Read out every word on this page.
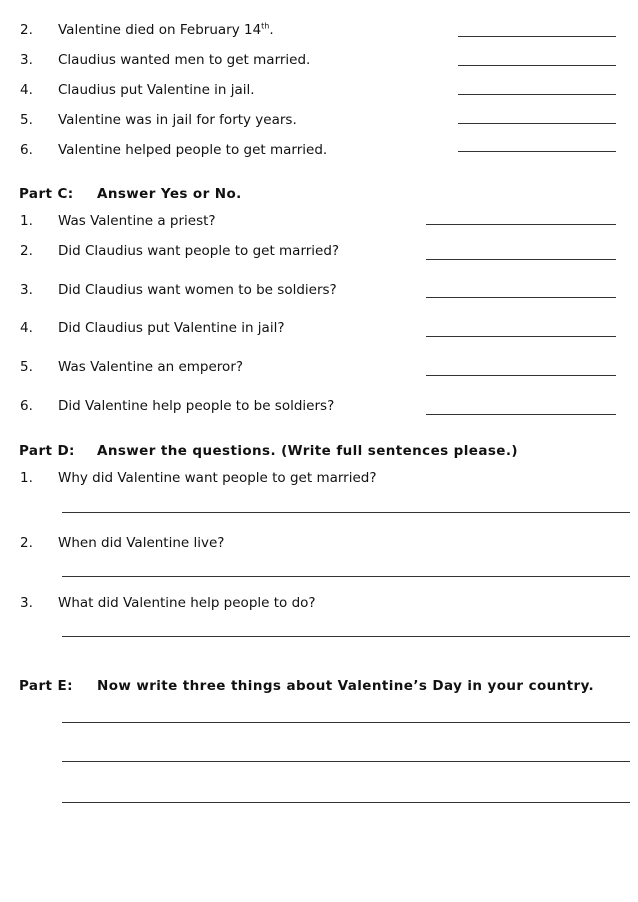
2. Valentine died on February 14th.
3. Claudius wanted men to get married.
4. Claudius put Valentine in jail.
5. Valentine was in jail for forty years.
6. Valentine helped people to get married.
Part C: Answer Yes or No.
1. Was Valentine a priest?
2. Did Claudius want people to get married?
3. Did Claudius want women to be soldiers?
4. Did Claudius put Valentine in jail?
5. Was Valentine an emperor?
6. Did Valentine help people to be soldiers?
Part D: Answer the questions. (Write full sentences please.)
1. Why did Valentine want people to get married?
2. When did Valentine live?
3. What did Valentine help people to do?
Part E: Now write three things about Valentine’s Day in your country.
